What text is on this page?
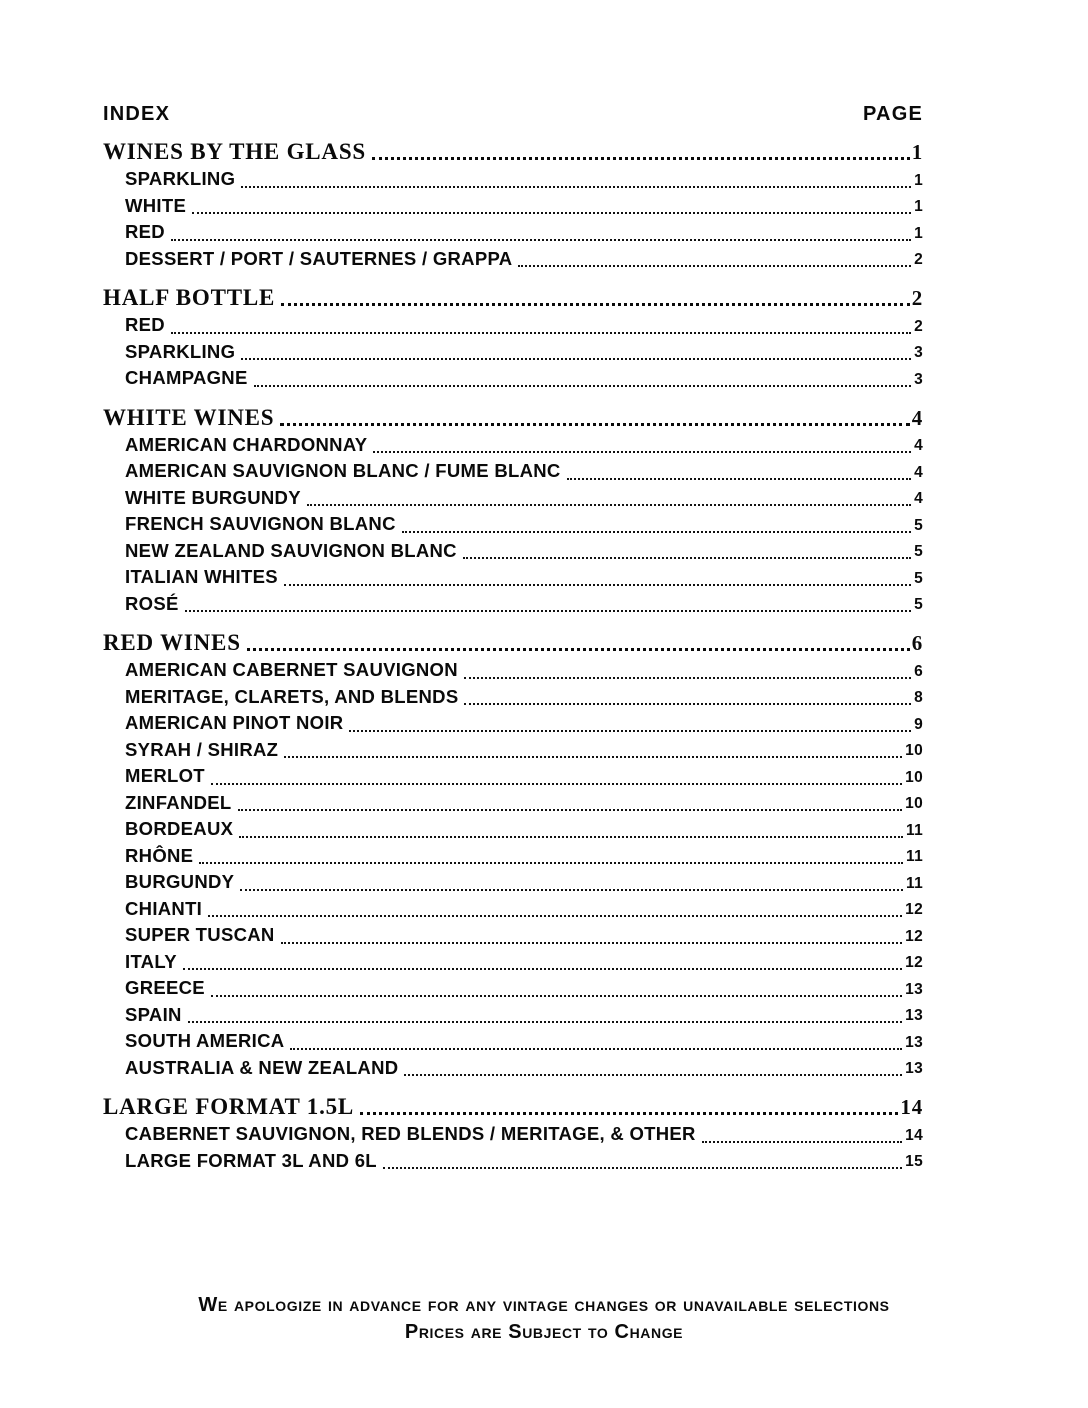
INDEX	PAGE
WINES BY THE GLASS	1
SPARKLING	1
WHITE	1
RED	1
DESSERT / PORT / SAUTERNES / GRAPPA	2
HALF BOTTLE	2
RED	2
SPARKLING	3
CHAMPAGNE	3
WHITE WINES	4
AMERICAN CHARDONNAY	4
AMERICAN SAUVIGNON BLANC / FUME BLANC	4
WHITE BURGUNDY	4
FRENCH SAUVIGNON BLANC	5
NEW ZEALAND SAUVIGNON BLANC	5
ITALIAN WHITES	5
ROSÉ	5
RED WINES	6
AMERICAN CABERNET SAUVIGNON	6
MERITAGE, CLARETS, AND BLENDS	8
AMERICAN PINOT NOIR	9
SYRAH / SHIRAZ	10
MERLOT	10
ZINFANDEL	10
BORDEAUX	11
RHÔNE	11
BURGUNDY	11
CHIANTI	12
SUPER TUSCAN	12
ITALY	12
GREECE	13
SPAIN	13
SOUTH AMERICA	13
AUSTRALIA & NEW ZEALAND	13
LARGE FORMAT 1.5L	14
CABERNET SAUVIGNON, RED BLENDS / MERITAGE, & OTHER	14
LARGE FORMAT 3L AND 6L	15
We apologize in advance for any vintage changes or unavailable selections
Prices are Subject to Change
